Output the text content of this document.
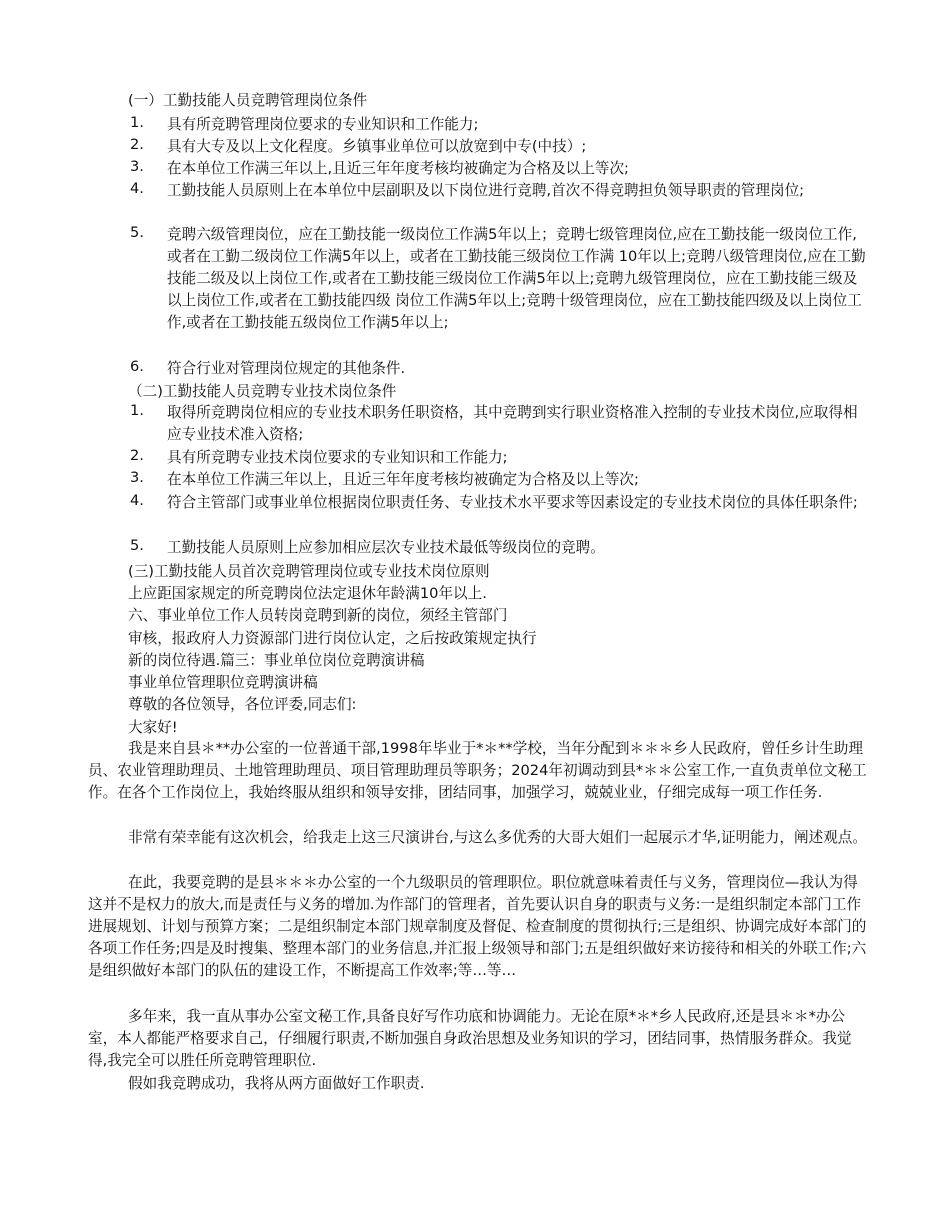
(一）工勤技能人员竞聘管理岗位条件
1. 具有所竞聘管理岗位要求的专业知识和工作能力;
2. 具有大专及以上文化程度。乡镇事业单位可以放宽到中专(中技）;
3. 在本单位工作满三年以上,且近三年年度考核均被确定为合格及以上等次;
4. 工勤技能人员原则上在本单位中层副职及以下岗位进行竞聘,首次不得竞聘担负领导职责的管理岗位;
5. 竞聘六级管理岗位，应在工勤技能一级岗位工作满5年以上；竞聘七级管理岗位,应在工勤技能一级岗位工作,或者在工勤二级岗位工作满5年以上，或者在工勤技能三级岗位工作满 10年以上;竞聘八级管理岗位,应在工勤技能二级及以上岗位工作,或者在工勤技能三级岗位工作满5年以上;竞聘九级管理岗位，应在工勤技能三级及以上岗位工作,或者在工勤技能四级 岗位工作满5年以上;竞聘十级管理岗位，应在工勤技能四级及以上岗位工作,或者在工勤技能五级岗位工作满5年以上;
6. 符合行业对管理岗位规定的其他条件.
（二)工勤技能人员竞聘专业技术岗位条件
1. 取得所竞聘岗位相应的专业技术职务任职资格，其中竞聘到实行职业资格准入控制的专业技术岗位,应取得相应专业技术准入资格;
2. 具有所竞聘专业技术岗位要求的专业知识和工作能力;
3. 在本单位工作满三年以上，且近三年年度考核均被确定为合格及以上等次;
4. 符合主管部门或事业单位根据岗位职责任务、专业技术水平要求等因素设定的专业技术岗位的具体任职条件;
5. 工勤技能人员原则上应参加相应层次专业技术最低等级岗位的竞聘。
(三)工勤技能人员首次竞聘管理岗位或专业技术岗位原则
上应距国家规定的所竞聘岗位法定退休年龄满10年以上.
六、事业单位工作人员转岗竞聘到新的岗位，须经主管部门
审核，报政府人力资源部门进行岗位认定，之后按政策规定执行
新的岗位待遇.篇三：事业单位岗位竞聘演讲稿
事业单位管理职位竞聘演讲稿
尊敬的各位领导，各位评委,同志们:
大家好!
我是来自县＊**办公室的一位普通干部,1998年毕业于*＊**学校，当年分配到＊＊＊乡人民政府，曾任乡计生助理员、农业管理助理员、土地管理助理员、项目管理助理员等职务；2024年初调动到县*＊＊公室工作,一直负责单位文秘工作。在各个工作岗位上，我始终服从组织和领导安排，团结同事，加强学习，兢兢业业，仔细完成每一项工作任务.
非常有荣幸能有这次机会，给我走上这三尺演讲台,与这么多优秀的大哥大姐们一起展示才华,证明能力，阐述观点。
在此，我要竞聘的是县＊＊＊办公室的一个九级职员的管理职位。职位就意味着责任与义务，管理岗位—我认为得这并不是权力的放大,而是责任与义务的增加.为作部门的管理者，首先要认识自身的职责与义务:一是组织制定本部门工作进展规划、计划与预算方案；二是组织制定本部门规章制度及督促、检查制度的贯彻执行;三是组织、协调完成好本部门的各项工作任务;四是及时搜集、整理本部门的业务信息,并汇报上级领导和部门;五是组织做好来访接待和相关的外联工作;六是组织做好本部门的队伍的建设工作，不断提高工作效率;等…等…
多年来，我一直从事办公室文秘工作,具备良好写作功底和协调能力。无论在原*＊*乡人民政府,还是县＊＊*办公室，本人都能严格要求自己，仔细履行职责,不断加强自身政治思想及业务知识的学习，团结同事，热情服务群众。我觉得,我完全可以胜任所竞聘管理职位.
假如我竞聘成功，我将从两方面做好工作职责.
